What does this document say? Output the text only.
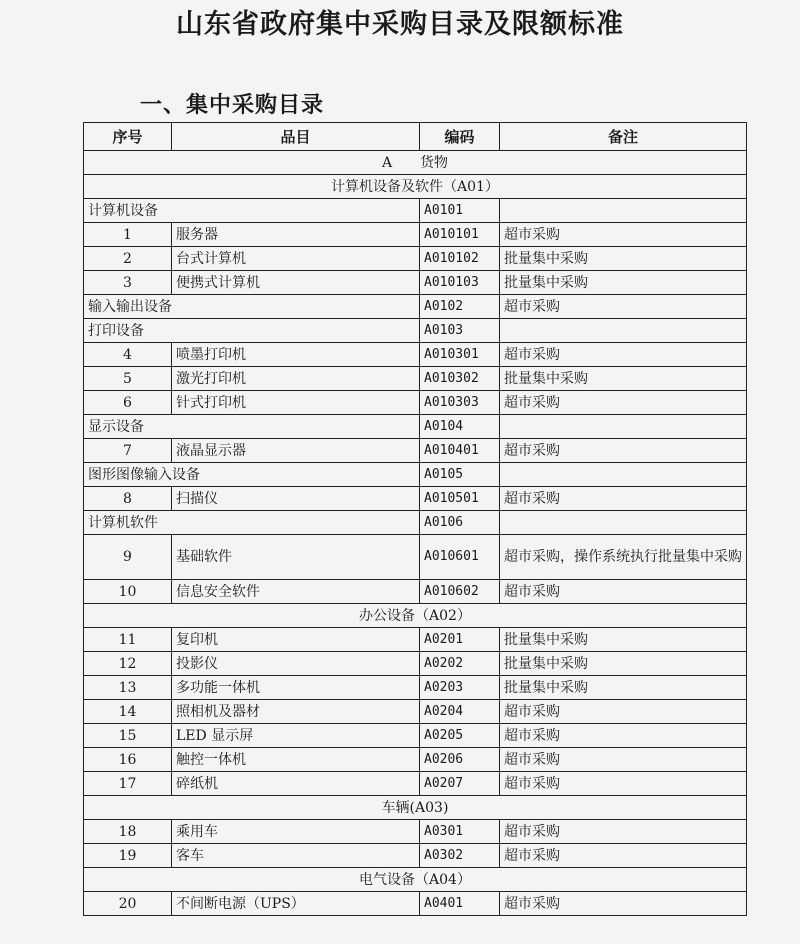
山东省政府集中采购目录及限额标准
一、集中采购目录
序号	品目	编码	备注
A　　货物			
计算机设备及软件（A01）			
计算机设备		A0101	
1	服务器	A010101	超市采购
2	台式计算机	A010102	批量集中采购
3	便携式计算机	A010103	批量集中采购
输入输出设备		A0102	超市采购
打印设备		A0103	
4	喷墨打印机	A010301	超市采购
5	激光打印机	A010302	批量集中采购
6	针式打印机	A010303	超市采购
显示设备		A0104	
7	液晶显示器	A010401	超市采购
图形图像输入设备		A0105	
8	扫描仪	A010501	超市采购
计算机软件		A0106	
9	基础软件	A010601	超市采购，操作系统执行批量集中采购
10	信息安全软件	A010602	超市采购
办公设备（A02）			
11	复印机	A0201	批量集中采购
12	投影仪	A0202	批量集中采购
13	多功能一体机	A0203	批量集中采购
14	照相机及器材	A0204	超市采购
15	LED 显示屏	A0205	超市采购
16	触控一体机	A0206	超市采购
17	碎纸机	A0207	超市采购
车辆(A03)			
18	乘用车	A0301	超市采购
19	客车	A0302	超市采购
电气设备（A04）			
20	不间断电源（UPS）	A0401	超市采购
